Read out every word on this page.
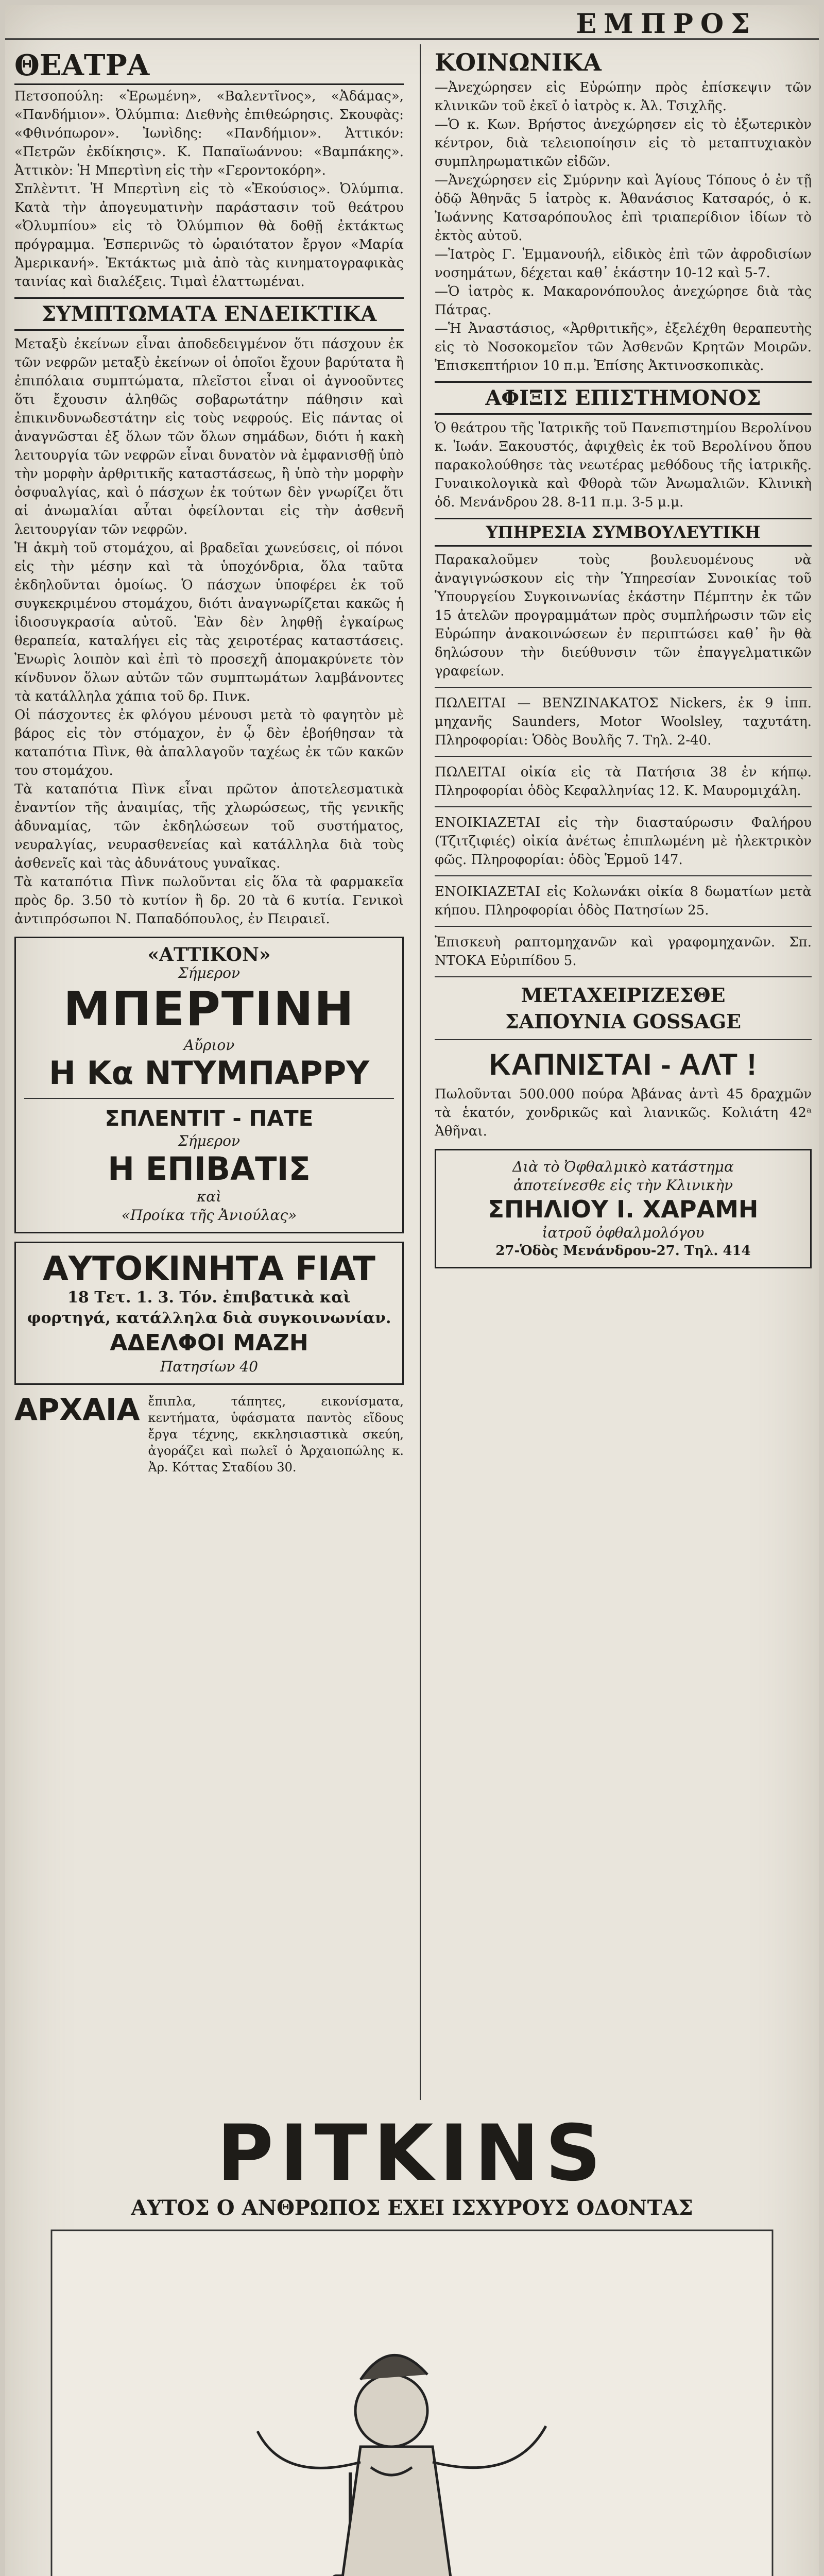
ΕΜΠΡΟΣ
ΘΕΑΤΡΑ
Πετσοπούλη: «Ἐρωμένη», «Βαλεντῖνος», «Ἀδάμας», «Πανδήμιον». Ὀλύμπια: Διεθνὴς ἐπιθεώρησις. Σκουφὰς: «Φθινόπωρον». Ἰωνὶδης: «Πανδήμιον». Ἀττικόν: «Πετρῶν ἐκδίκησις». Κ. Παπαϊωάννου: «Βαμπάκης». Ἀττικὸν: Ἡ Μπερτὶνη εἰς τὴν «Γεροντοκόρη».
Σπλὲντιτ. Ἡ Μπερτὶνη εἰς τὸ «Ἐκούσιος». Ὀλύμπια. Κατὰ τὴν ἀπογευματινὴν παράστασιν τοῦ θεάτρου «Ὀλυμπίου» εἰς τὸ Ὀλύμπιον θὰ δοθῇ ἐκτάκτως πρόγραμμα. Ἑσπερινῶς τὸ ὡραιότατον ἔργον «Μαρία Ἀμερικανή». Ἐκτάκτως μιὰ ἀπὸ τὰς κινηματογραφικὰς ταινίας καὶ διαλέξεις. Τιμαὶ ἐλαττωμέναι.
ΣΥΜΠΤΩΜΑΤΑ ΕΝΔΕΙΚΤΙΚΑ
Μεταξὺ ἐκείνων εἶναι ἀποδεδειγμένον ὅτι πάσχουν ἐκ τῶν νεφρῶν μεταξὺ ἐκείνων οἱ ὁποῖοι ἔχουν βαρύτατα ἢ ἐπιπόλαια συμπτώματα, πλεῖστοι εἶναι οἱ ἀγνοοῦντες ὅτι ἔχουσιν ἀληθῶς σοβαρωτάτην πάθησιν καὶ ἐπικινδυνωδεστάτην εἰς τοὺς νεφρούς. Εἰς πάντας οἱ ἀναγνῶσται ἐξ ὅλων τῶν ὅλων σημάδων, διότι ἡ κακὴ λειτουργία τῶν νεφρῶν εἶναι δυνατὸν νὰ ἐμφανισθῇ ὑπὸ τὴν μορφὴν ἀρθριτικῆς καταστάσεως, ἢ ὑπὸ τὴν μορφὴν ὀσφυαλγίας, καὶ ὁ πάσχων ἐκ τούτων δὲν γνωρίζει ὅτι αἱ ἀνωμαλίαι αὗται ὀφείλονται εἰς τὴν ἀσθενῆ λειτουργίαν τῶν νεφρῶν.
Ἡ ἀκμὴ τοῦ στομάχου, αἱ βραδεῖαι χωνεύσεις, οἱ πόνοι εἰς τὴν μέσην καὶ τὰ ὑποχόνδρια, ὅλα ταῦτα ἐκδηλοῦνται ὁμοίως. Ὁ πάσχων ὑποφέρει ἐκ τοῦ συγκεκριμένου στομάχου, διότι ἀναγνωρίζεται κακῶς ἡ ἰδιοσυγκρασία αὐτοῦ. Ἐὰν δὲν ληφθῇ ἐγκαίρως θεραπεία, καταλήγει εἰς τὰς χειροτέρας καταστάσεις. Ἐνωρὶς λοιπὸν καὶ ἐπὶ τὸ προσεχῆ ἀπομακρύνετε τὸν κίνδυνον ὅλων αὐτῶν τῶν συμπτωμάτων λαμβάνοντες τὰ κατάλληλα χάπια τοῦ δρ. Πινκ.
Οἱ πάσχοντες ἐκ φλόγου μένουσι μετὰ τὸ φαγητὸν μὲ βάρος εἰς τὸν στόμαχον, ἐν ᾧ δὲν ἐβοήθησαν τὰ καταπότια Πὶνκ, θὰ ἀπαλλαγοῦν ταχέως ἐκ τῶν κακῶν του στομάχου.
Τὰ καταπότια Πὶνκ εἶναι πρῶτον ἀποτελεσματικὰ ἐναντίον τῆς ἀναιμίας, τῆς χλωρώσεως, τῆς γενικῆς ἀδυναμίας, τῶν ἐκδηλώσεων τοῦ συστήματος, νευραλγίας, νευρασθενείας καὶ κατάλληλα διὰ τοὺς ἀσθενεῖς καὶ τὰς ἀδυνάτους γυναῖκας.
Τὰ καταπότια Πὶνκ πωλοῦνται εἰς ὅλα τὰ φαρμακεῖα πρὸς δρ. 3.50 τὸ κυτίον ἢ δρ. 20 τὰ 6 κυτία. Γενικοὶ ἀντιπρόσωποι Ν. Παπαδόπουλος, ἐν Πειραιεῖ.
«ΑΤΤΙΚΟΝ»
Σήμερον
ΜΠΕΡΤΙΝΗ
Αὔριον
Η Κα ΝΤΥΜΠΑΡΡΥ
ΣΠΛΕΝΤΙΤ - ΠΑΤΕ
Σήμερον
Η ΕΠΙΒΑΤΙΣ
καὶ
«Προίκα τῆς Ἀνιούλας»
ΑΥΤΟΚΙΝΗΤΑ FIAT
18 Τετ. 1. 3. Τόν. ἐπιβατικὰ καὶ φορτηγά, κατάλληλα διὰ συγκοινωνίαν.
ΑΔΕΛΦΟΙ ΜΑΖΗ
Πατησίων 40
ΑΡΧΑΙΑ ἔπιπλα, τάπητες, εικονίσματα, κεντήματα, ὑφάσματα παντὸς εἴδους ἔργα τέχνης, εκκλησιαστικὰ σκεύη, ἀγοράζει καὶ πωλεῖ ὁ Ἀρχαιοπώλης κ. Ἀρ. Κόττας Σταδίου 30.
ΚΟΙΝΩΝΙΚΑ
—Ἀνεχώρησεν εἰς Εὐρώπην πρὸς ἐπίσκεψιν τῶν κλινικῶν τοῦ ἐκεῖ ὁ ἰατρὸς κ. Ἀλ. Τσιχλῆς.
—Ὁ κ. Κων. Βρήστος ἀνεχώρησεν εἰς τὸ ἐξωτερικὸν κέντρον, διὰ τελειοποίησιν εἰς τὸ μεταπτυχιακὸν συμπληρωματικῶν εἰδῶν.
—Ἀνεχώρησεν εἰς Σμύρνην καὶ Ἁγίους Τόπους ὁ ἐν τῇ ὁδῷ Ἀθηνᾶς 5 ἰατρὸς κ. Ἀθανάσιος Κατσαρός, ὁ κ. Ἰωάννης Κατσαρόπουλος ἐπὶ τριαπερίδιον ἰδίων τὸ ἐκτὸς αὐτοῦ.
—Ἰατρὸς Γ. Ἐμμανουήλ, εἰδικὸς ἐπὶ τῶν ἀφροδισίων νοσημάτων, δέχεται καθ᾿ ἑκάστην 10-12 καὶ 5-7.
—Ὁ ἰατρὸς κ. Μακαρονόπουλος ἀνεχώρησε διὰ τὰς Πάτρας.
—Ἡ Ἀναστάσιος, «Ἀρθριτικῆς», ἐξελέχθη θεραπευτὴς εἰς τὸ Νοσοκομεῖον τῶν Ἀσθενῶν Κρητῶν Μοιρῶν. Ἐπισκεπτήριον 10 π.μ. Ἐπίσης Ἀκτινοσκοπικὰς.
ΑΦΙΞΙΣ ΕΠΙΣΤΗΜΟΝΟΣ
Ὁ θεάτρου τῆς Ἰατρικῆς τοῦ Πανεπιστημίου Βερολίνου κ. Ἰωάν. Ξακουστός, ἀφιχθεὶς ἐκ τοῦ Βερολίνου ὅπου παρακολούθησε τὰς νεωτέρας μεθόδους τῆς ἰατρικῆς. Γυναικολογικὰ καὶ Φθορὰ τῶν Ἀνωμαλιῶν. Κλινικὴ ὁδ. Μενάνδρου 28. 8-11 π.μ. 3-5 μ.μ.
ΥΠΗΡΕΣΙΑ ΣΥΜΒΟΥΛΕΥΤΙΚΗ
Παρακαλοῦμεν τοὺς βουλευομένους νὰ ἀναγιγνώσκουν εἰς τὴν Ὑπηρεσίαν Συνοικίας τοῦ Ὑπουργείου Συγκοινωνίας ἑκάστην Πέμπτην ἐκ τῶν 15 ἀτελῶν προγραμμάτων πρὸς συμπλήρωσιν τῶν εἰς Εὐρώπην ἀνακοινώσεων ἐν περιπτώσει καθ᾿ ἣν θὰ δηλώσουν τὴν διεύθυνσιν τῶν ἐπαγγελματικῶν γραφείων.
ΠΩΛΕΙΤΑΙ — ΒΕΝΖΙΝΑΚΑΤΟΣ Nickers, ἐκ 9 ἰππ. μηχανῆς Saunders, Motor Woolsley, ταχυτάτη. Πληροφορίαι: Ὁδὸς Βουλῆς 7. Τηλ. 2-40.
ΠΩΛΕΙΤΑΙ οἰκία εἰς τὰ Πατήσια 38 ἐν κήπῳ. Πληροφορίαι ὁδὸς Κεφαλληνίας 12. Κ. Μαυρομιχάλη.
ΕΝΟΙΚΙΑΖΕΤΑΙ εἰς τὴν διασταύρωσιν Φαλήρου (Τζιτζιφιές) οἰκία ἀνέτως ἐπιπλωμένη μὲ ἠλεκτρικὸν φῶς. Πληροφορίαι: ὁδὸς Ἑρμοῦ 147.
ΕΝΟΙΚΙΑΖΕΤΑΙ εἰς Κολωνάκι οἰκία 8 δωματίων μετὰ κήπου. Πληροφορίαι ὁδὸς Πατησίων 25.
Ἐπισκευὴ ραπτομηχανῶν καὶ γραφομηχανῶν. Σπ. ΝΤΟΚΑ Εὐριπίδου 5.
ΜΕΤΑΧΕΙΡΙΖΕΣΘΕ
ΣΑΠΟΥΝΙΑ GOSSAGE
ΚΑΠΝΙΣΤΑΙ - ΑΛΤ !
Πωλοῦνται 500.000 πούρα Ἀβάνας ἀντὶ 45 δραχμῶν τὰ ἑκατόν, χονδρικῶς καὶ λιανικῶς. Κολιάτη 42ᵃ Ἀθῆναι.
Διὰ τὸ Ὀφθαλμικὸ κατάστημα
ἀποτείνεσθε εἰς τὴν Κλινικὴν
ΣΠΗΛΙΟΥ Ι. ΧΑΡΑΜΗ
ἰατροῦ ὀφθαλμολόγου
27-Ὁδὸς Μενάνδρου-27. Τηλ. 414
PITKINS
ΑΥΤΟΣ Ο ΑΝΘΡΩΠΟΣ ΕΧΕΙ ΙΣΧΥΡΟΥΣ ΟΔΟΝΤΑΣ
